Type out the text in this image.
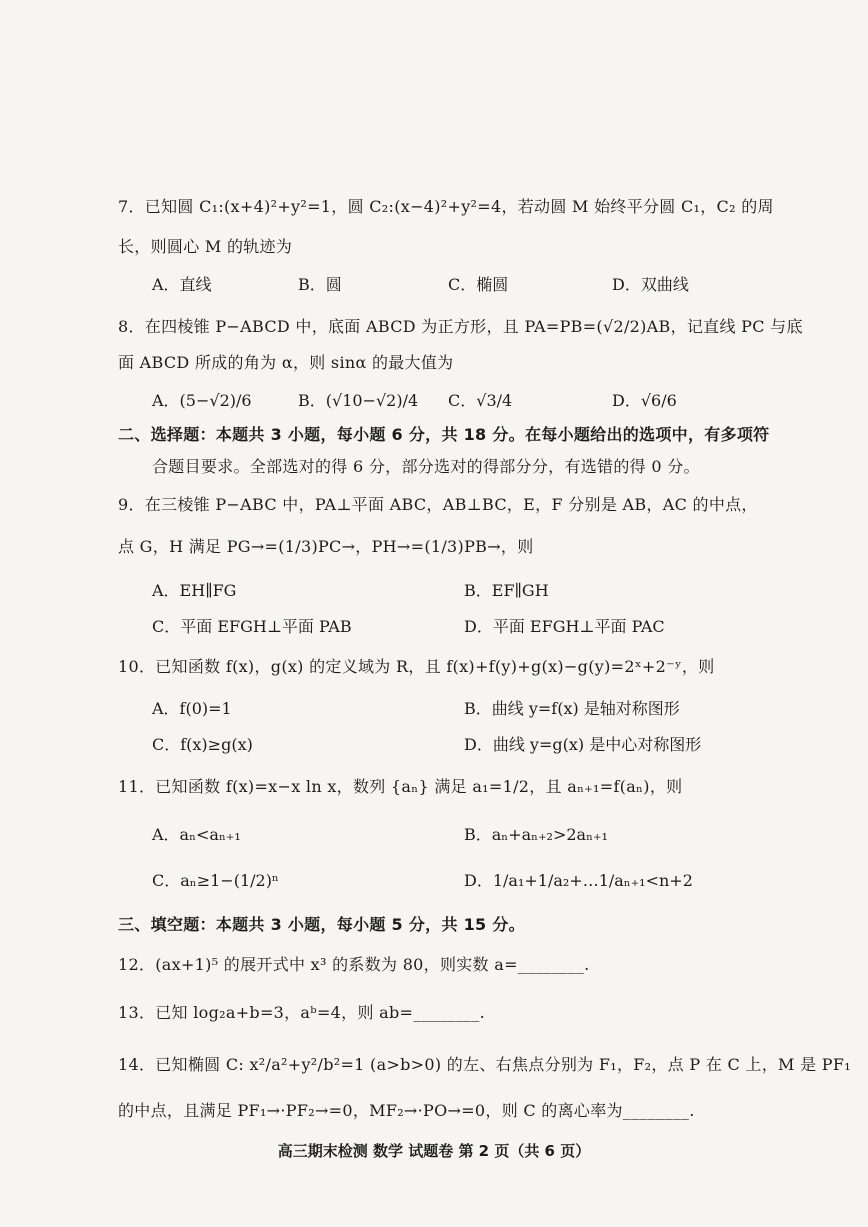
7．已知圆 C₁:(x+4)²+y²=1，圆 C₂:(x−4)²+y²=4，若动圆 M 始终平分圆 C₁，C₂ 的周
长，则圆心 M 的轨迹为
A．直线	B．圆	C．椭圆	D．双曲线
8．在四棱锥 P−ABCD 中，底面 ABCD 为正方形，且 PA=PB=(√2/2)AB，记直线 PC 与底
面 ABCD 所成的角为 α，则 sinα 的最大值为
A．(5−√2)/6	B．(√10−√2)/4 C．√3/4	D．√6/6
二、选择题：本题共 3 小题，每小题 6 分，共 18 分。在每小题给出的选项中，有多项符
合题目要求。全部选对的得 6 分，部分选对的得部分分，有选错的得 0 分。
9．在三棱锥 P−ABC 中，PA⊥平面 ABC，AB⊥BC，E，F 分别是 AB，AC 的中点，
点 G，H 满足 PG→=(1/3)PC→，PH→=(1/3)PB→，则
A．EH∥FG	B．EF∥GH
C．平面 EFGH⊥平面 PAB	D．平面 EFGH⊥平面 PAC
10．已知函数 f(x)，g(x) 的定义域为 R，且 f(x)+f(y)+g(x)−g(y)=2ˣ+2⁻ʸ，则
A．f(0)=1	B．曲线 y=f(x) 是轴对称图形
C．f(x)≥g(x)	D．曲线 y=g(x) 是中心对称图形
11．已知函数 f(x)=x−x ln x，数列 {aₙ} 满足 a₁=1/2，且 aₙ₊₁=f(aₙ)，则
A．aₙ<aₙ₊₁	B．aₙ+aₙ₊₂>2aₙ₊₁
C．aₙ≥1−(1/2)ⁿ	D．1/a₁+1/a₂+…1/aₙ₊₁<n+2
三、填空题：本题共 3 小题，每小题 5 分，共 15 分。
12．(ax+1)⁵ 的展开式中 x³ 的系数为 80，则实数 a=________.
13．已知 log₂a+b=3，aᵇ=4，则 ab=________.
14．已知椭圆 C: x²/a²+y²/b²=1 (a>b>0) 的左、右焦点分别为 F₁，F₂，点 P 在 C 上，M 是 PF₁
的中点，且满足 PF₁→·PF₂→=0，MF₂→·PO→=0，则 C 的离心率为________.
高三期末检测 数学 试题卷 第 2 页（共 6 页）
